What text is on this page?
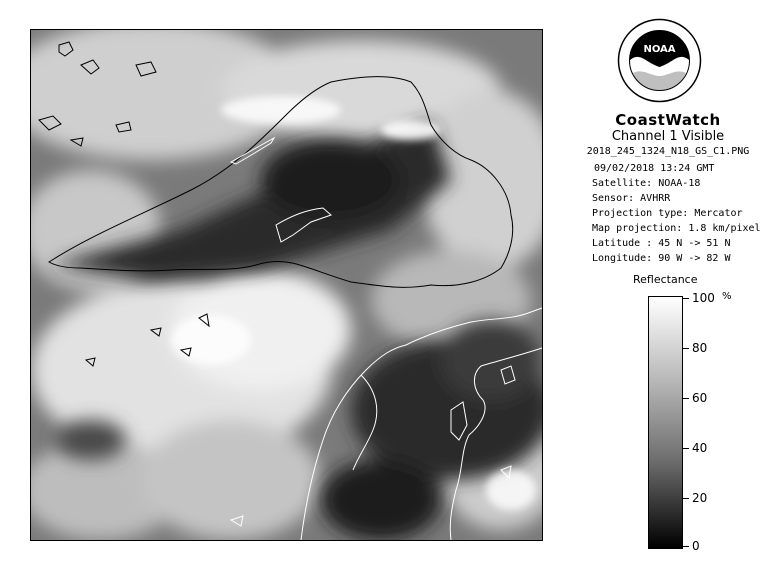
NOAA
CoastWatch
Channel 1 Visible
2018_245_1324_N18_GS_C1.PNG
09/02/2018 13:24 GMT
Satellite: NOAA-18
Sensor: AVHRR
Projection type: Mercator
Map projection: 1.8 km/pixel
Latitude : 45 N -> 51 N
Longitude: 90 W -> 82 W
Reflectance
%
100
80
60
40
20
0
